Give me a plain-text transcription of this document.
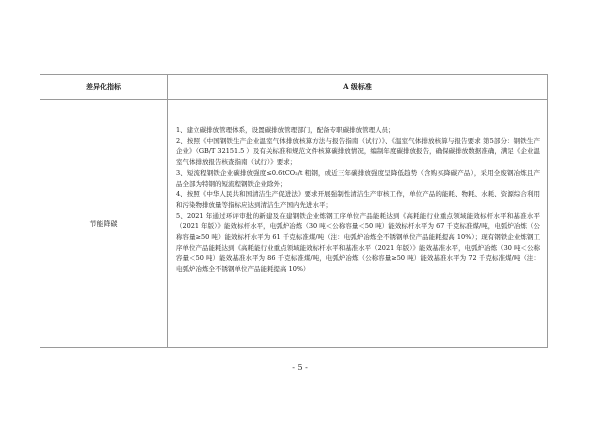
差异化指标	A 级标准
节能降碳

1、建立碳排放管理体系，设置碳排放管理部门，配备专职碳排放管理人员；

2、按照《中国钢铁生产企业温室气体排放核算方法与报告指南（试行）》、《温室气体排放核算与报告要求 第5部分：钢铁生产企业》（GB/T 32151.5 ）及有关标准和规范文件核算碳排放情况，编制年度碳排放报告，确保碳排放数据准确，满足《企业温室气体排放报告核查指南（试行）》要求；

3、短流程钢铁企业碳排放强度≤0.6tCO₂/t 粗钢，或近三年碳排放强度呈降低趋势（含购买降碳产品），采用全废钢冶炼且产品全部为特钢的短流程钢铁企业除外；

4、按照《中华人民共和国清洁生产促进法》要求开展强制性清洁生产审核工作，单位产品的能耗、物耗、水耗、资源综合利用和污染物排放量等指标应达到清洁生产国内先进水平；

5、2021 年通过环评审批的新建及在建钢铁企业炼钢工序单位产品能耗达到《高耗能行业重点领域能效标杆水平和基准水平（2021 年版）》能效标杆水平，电弧炉冶炼（30 吨＜公称容量＜50 吨）能效标杆水平为 67 千克标准煤/吨，电弧炉冶炼（公称容量≥50 吨）能效标杆水平为 61 千克标准煤/吨（注：电弧炉冶炼全不锈钢单位产品能耗提高 10%）；现有钢铁企业炼钢工序单位产品能耗达到《高耗能行业重点领域能效标杆水平和基准水平（2021 年版）》能效基准水平，电弧炉冶炼（30 吨＜公称容量＜50 吨）能效基准水平为 86 千克标准煤/吨，电弧炉冶炼（公称容量≥50 吨）能效基准水平为 72 千克标准煤/吨（注：电弧炉冶炼全不锈钢单位产品能耗提高 10%）

- 5 -
